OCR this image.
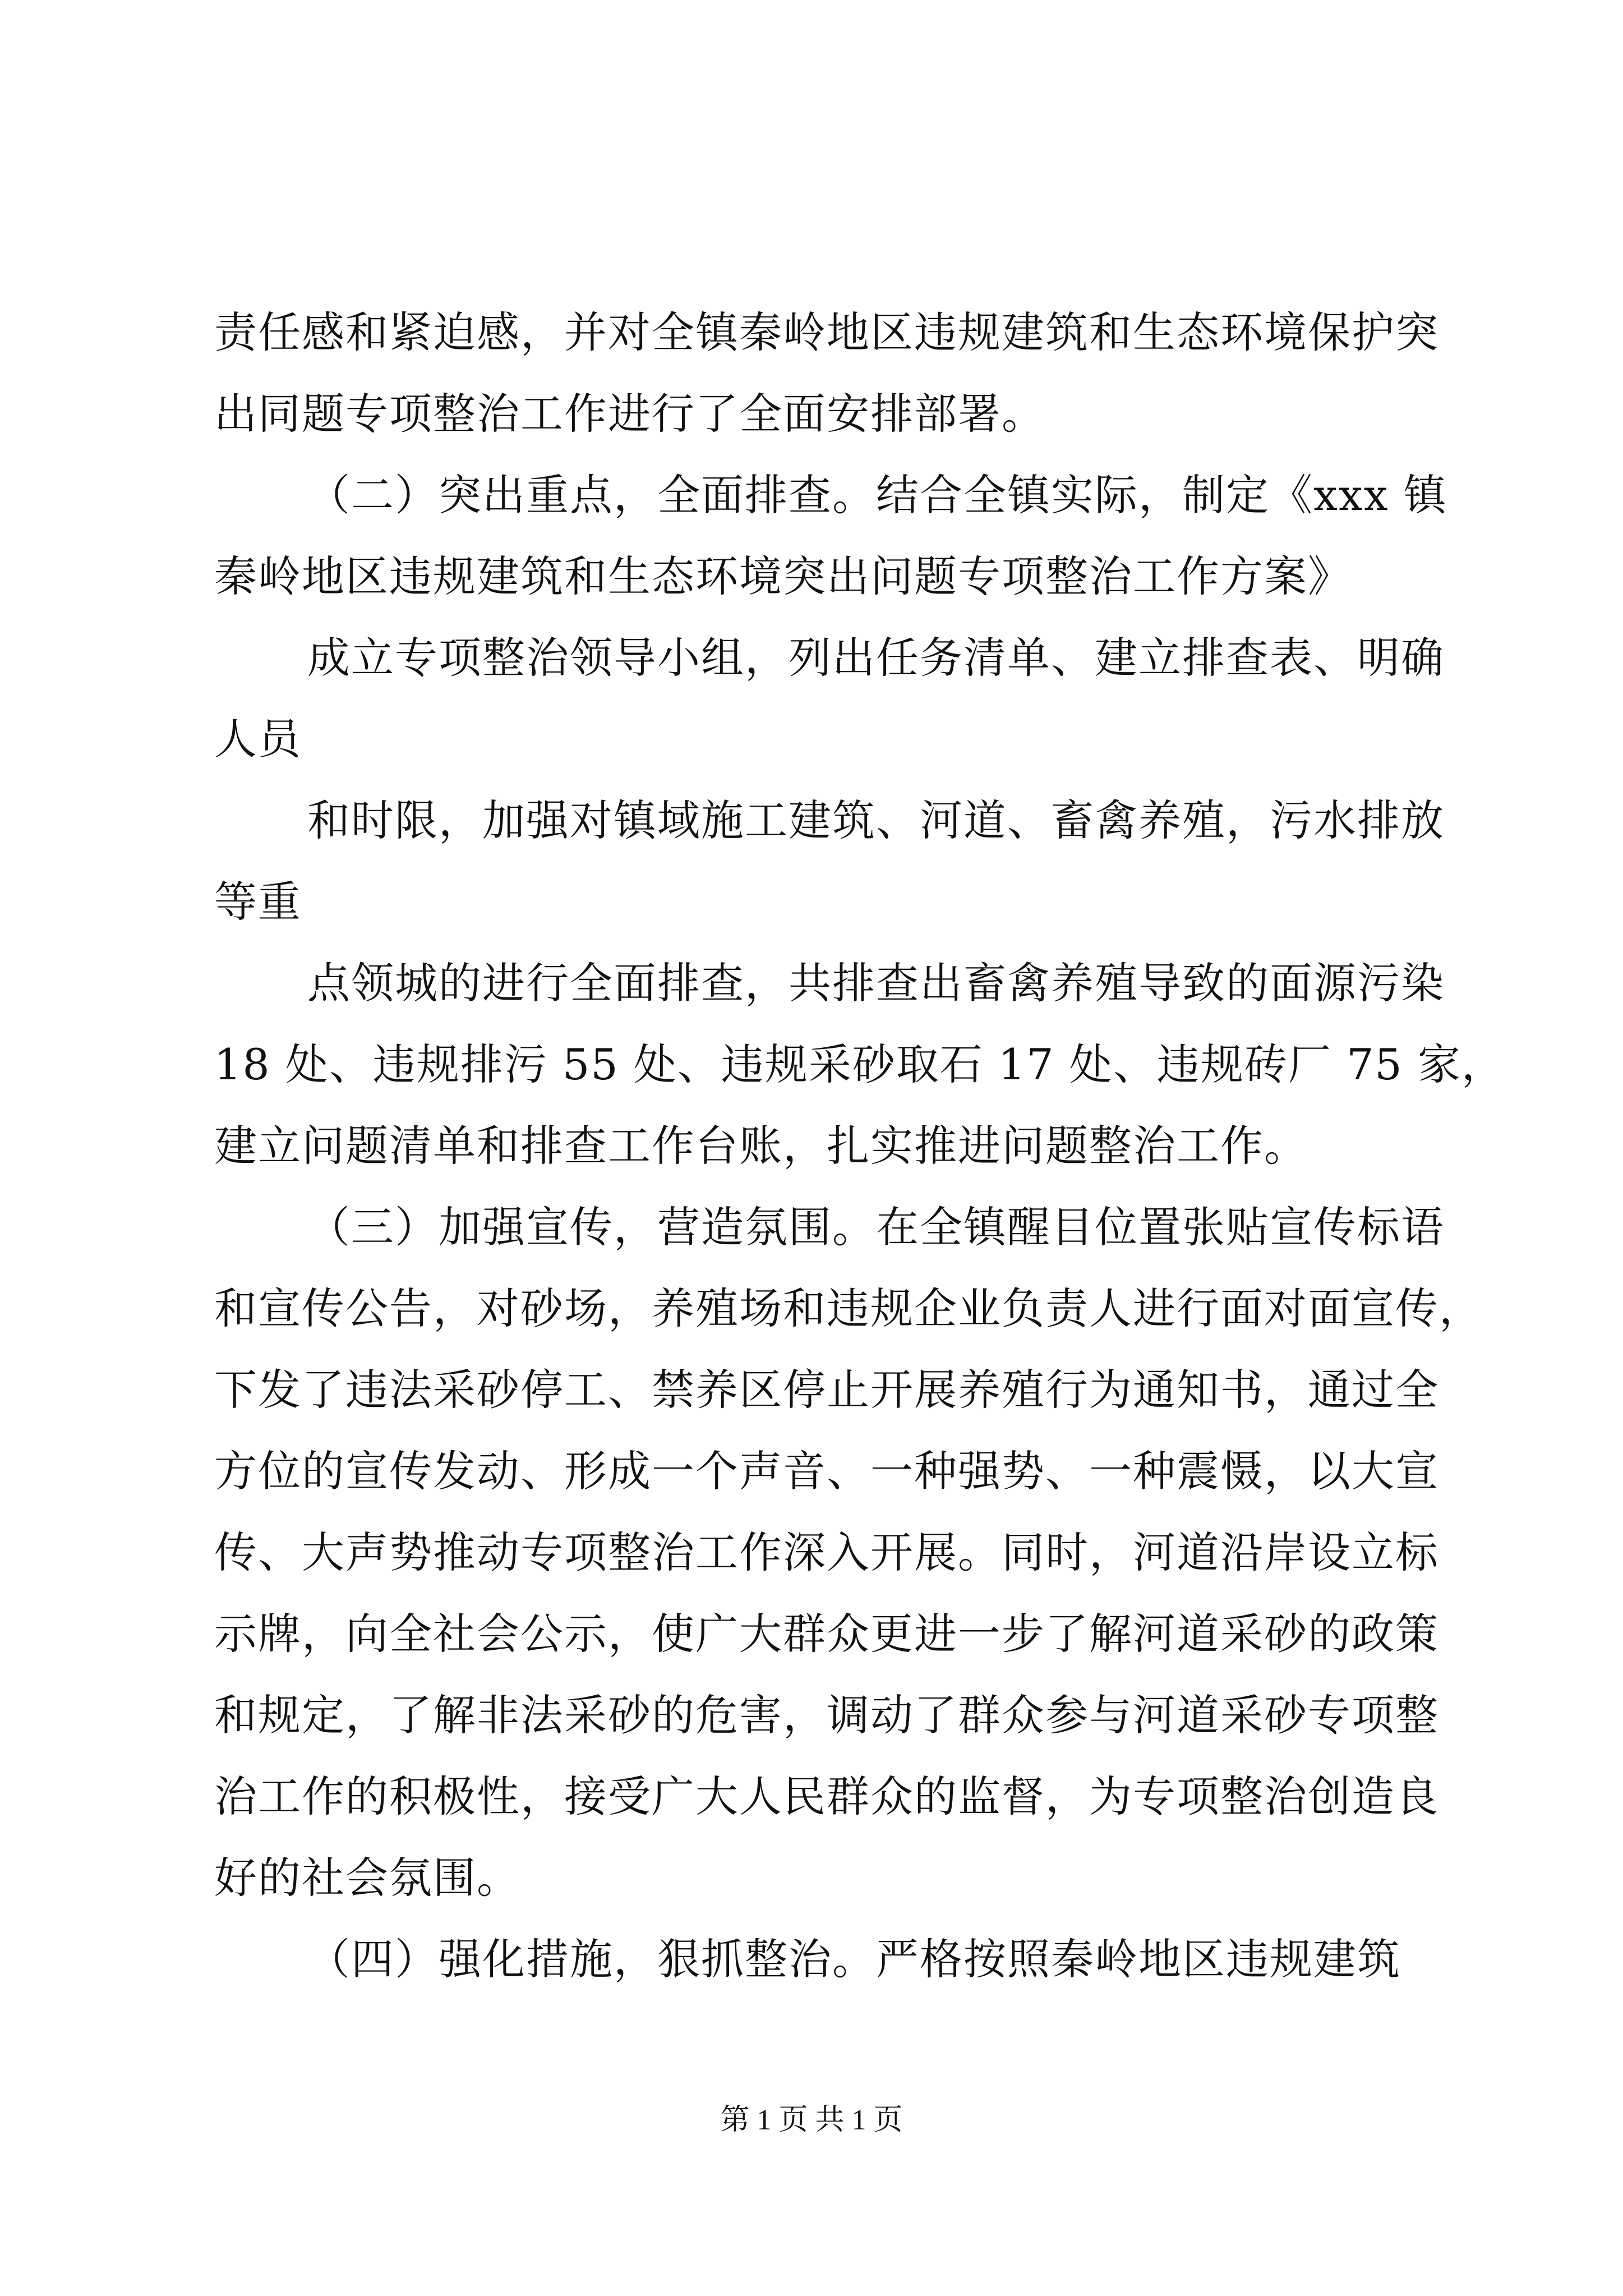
责任感和紧迫感，并对全镇秦岭地区违规建筑和生态环境保护突
出同题专项整治工作进行了全面安排部署。
（二）突出重点，全面排查。结合全镇实际，制定《xxx 镇
秦岭地区违规建筑和生态环境突出问题专项整治工作方案》
成立专项整治领导小组，列出任务清单、建立排查表、明确
人员
和时限，加强对镇域施工建筑、河道、畜禽养殖，污水排放
等重
点领城的进行全面排查，共排查出畜禽养殖导致的面源污染
18 处、违规排污 55 处、违规采砂取石 17 处、违规砖厂 75 家，
建立问题清单和排查工作台账，扎实推进问题整治工作。
（三）加强宣传，营造氛围。在全镇醒目位置张贴宣传标语
和宣传公告，对砂场，养殖场和违规企业负责人进行面对面宣传，
下发了违法采砂停工、禁养区停止开展养殖行为通知书，通过全
方位的宣传发动、形成一个声音、一种强势、一种震慑，以大宣
传、大声势推动专项整治工作深入开展。同时，河道沿岸设立标
示牌，向全社会公示，使广大群众更进一步了解河道采砂的政策
和规定，了解非法采砂的危害，调动了群众参与河道采砂专项整
治工作的积极性，接受广大人民群众的监督，为专项整治创造良
好的社会氛围。
（四）强化措施，狠抓整治。严格按照秦岭地区违规建筑
第 1 页 共 1 页
